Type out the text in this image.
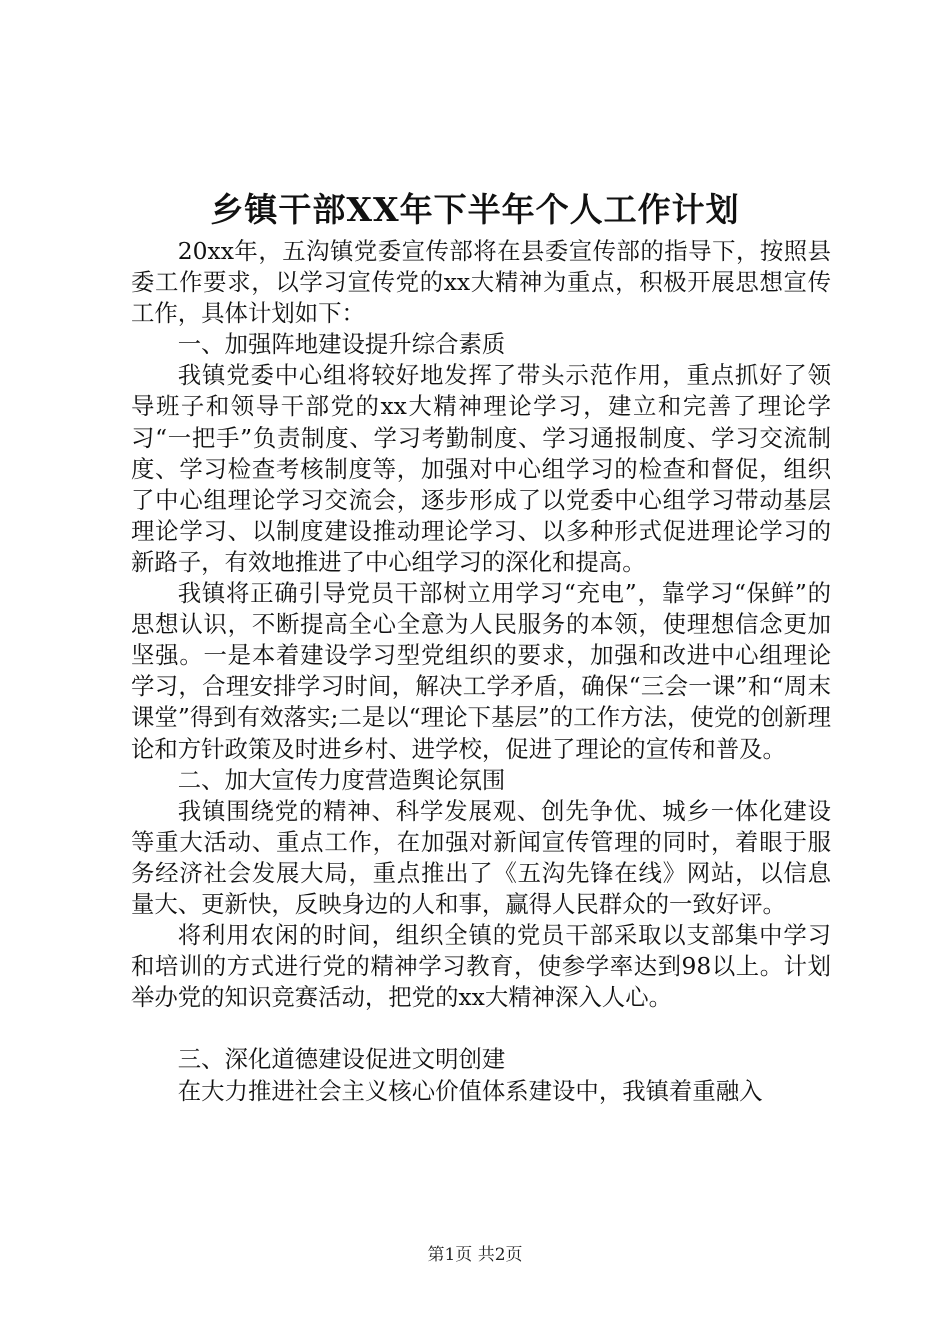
乡镇干部XX年下半年个人工作计划

20xx年，五沟镇党委宣传部将在县委宣传部的指导下，按照县委工作要求，以学习宣传党的xx大精神为重点，积极开展思想宣传工作，具体计划如下：

一、加强阵地建设提升综合素质

我镇党委中心组将较好地发挥了带头示范作用，重点抓好了领导班子和领导干部党的xx大精神理论学习，建立和完善了理论学习“一把手”负责制度、学习考勤制度、学习通报制度、学习交流制度、学习检查考核制度等，加强对中心组学习的检查和督促，组织了中心组理论学习交流会，逐步形成了以党委中心组学习带动基层理论学习、以制度建设推动理论学习、以多种形式促进理论学习的新路子，有效地推进了中心组学习的深化和提高。

我镇将正确引导党员干部树立用学习“充电”，靠学习“保鲜”的思想认识，不断提高全心全意为人民服务的本领，使理想信念更加坚强。一是本着建设学习型党组织的要求，加强和改进中心组理论学习，合理安排学习时间，解决工学矛盾，确保“三会一课”和“周末课堂”得到有效落实;二是以“理论下基层”的工作方法，使党的创新理论和方针政策及时进乡村、进学校，促进了理论的宣传和普及。

二、加大宣传力度营造舆论氛围

我镇围绕党的精神、科学发展观、创先争优、城乡一体化建设等重大活动、重点工作，在加强对新闻宣传管理的同时，着眼于服务经济社会发展大局，重点推出了《五沟先锋在线》网站，以信息量大、更新快，反映身边的人和事，赢得人民群众的一致好评。

将利用农闲的时间，组织全镇的党员干部采取以支部集中学习和培训的方式进行党的精神学习教育，使参学率达到98以上。计划举办党的知识竞赛活动，把党的xx大精神深入人心。

三、深化道德建设促进文明创建

在大力推进社会主义核心价值体系建设中，我镇着重融入

第1页 共2页
